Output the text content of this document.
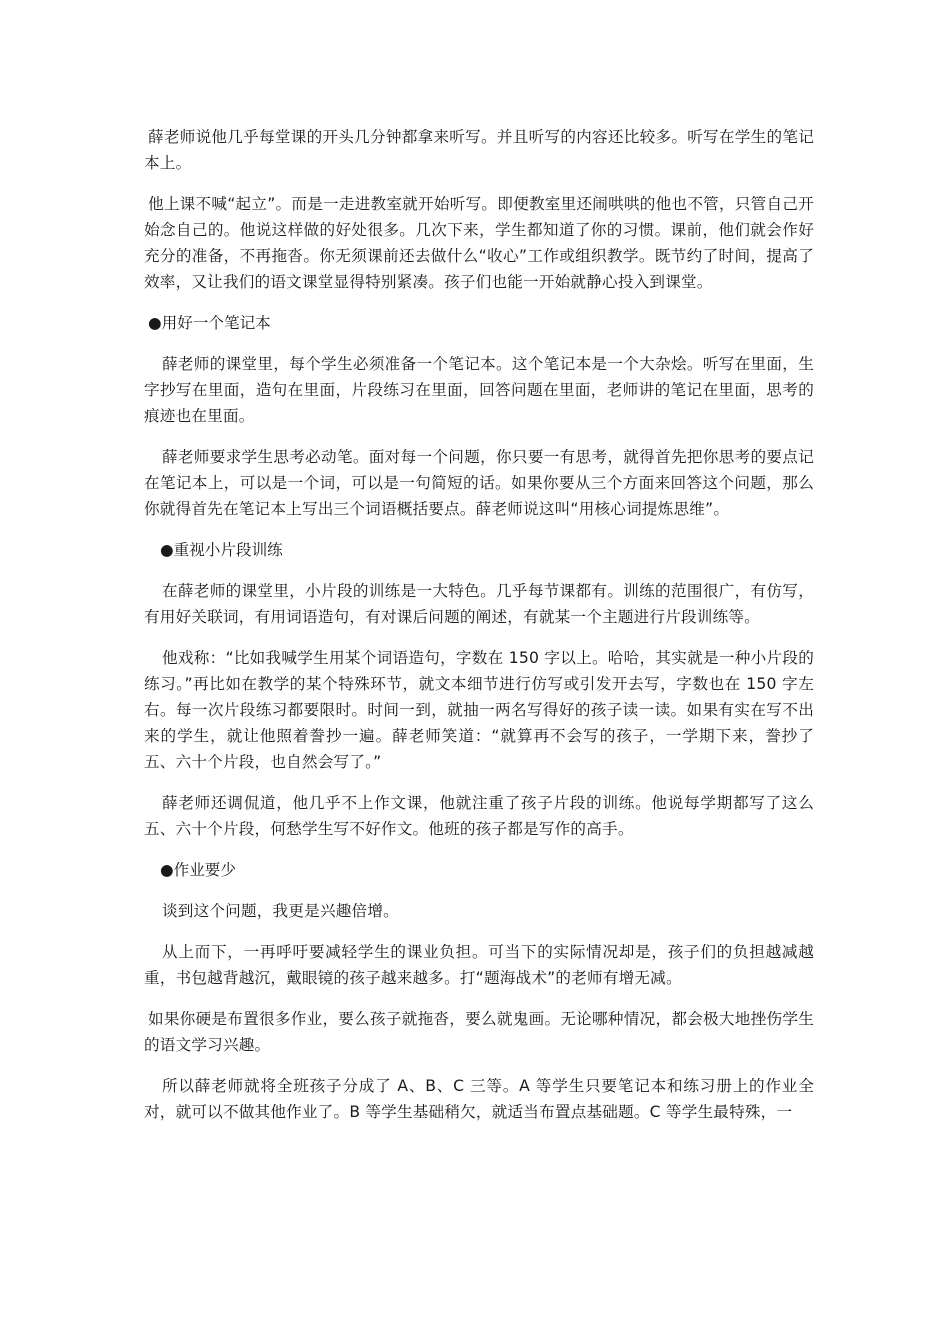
薛老师说他几乎每堂课的开头几分钟都拿来听写。并且听写的内容还比较多。听写在学生的笔记本上。

他上课不喊“起立”。而是一走进教室就开始听写。即便教室里还闹哄哄的他也不管，只管自己开始念自己的。他说这样做的好处很多。几次下来，学生都知道了你的习惯。课前，他们就会作好充分的准备，不再拖沓。你无须课前还去做什么“收心”工作或组织教学。既节约了时间，提高了效率，又让我们的语文课堂显得特别紧凑。孩子们也能一开始就静心投入到课堂。

●用好一个笔记本

薛老师的课堂里，每个学生必须准备一个笔记本。这个笔记本是一个大杂烩。听写在里面，生字抄写在里面，造句在里面，片段练习在里面，回答问题在里面，老师讲的笔记在里面，思考的痕迹也在里面。

薛老师要求学生思考必动笔。面对每一个问题，你只要一有思考，就得首先把你思考的要点记在笔记本上，可以是一个词，可以是一句简短的话。如果你要从三个方面来回答这个问题，那么你就得首先在笔记本上写出三个词语概括要点。薛老师说这叫“用核心词提炼思维”。

●重视小片段训练

在薛老师的课堂里，小片段的训练是一大特色。几乎每节课都有。训练的范围很广，有仿写，有用好关联词，有用词语造句，有对课后问题的阐述，有就某一个主题进行片段训练等。

他戏称：“比如我喊学生用某个词语造句，字数在 150 字以上。哈哈，其实就是一种小片段的练习。”再比如在教学的某个特殊环节，就文本细节进行仿写或引发开去写，字数也在 150 字左右。每一次片段练习都要限时。时间一到，就抽一两名写得好的孩子读一读。如果有实在写不出来的学生，就让他照着誊抄一遍。薛老师笑道：“就算再不会写的孩子，一学期下来，誊抄了五、六十个片段，也自然会写了。”

薛老师还调侃道，他几乎不上作文课，他就注重了孩子片段的训练。他说每学期都写了这么五、六十个片段，何愁学生写不好作文。他班的孩子都是写作的高手。

●作业要少

谈到这个问题，我更是兴趣倍增。

从上而下，一再呼吁要减轻学生的课业负担。可当下的实际情况却是，孩子们的负担越减越重，书包越背越沉，戴眼镜的孩子越来越多。打“题海战术”的老师有增无减。

如果你硬是布置很多作业，要么孩子就拖沓，要么就鬼画。无论哪种情况，都会极大地挫伤学生的语文学习兴趣。

所以薛老师就将全班孩子分成了 A、B、C 三等。A 等学生只要笔记本和练习册上的作业全对，就可以不做其他作业了。B 等学生基础稍欠，就适当布置点基础题。C 等学生最特殊，一
